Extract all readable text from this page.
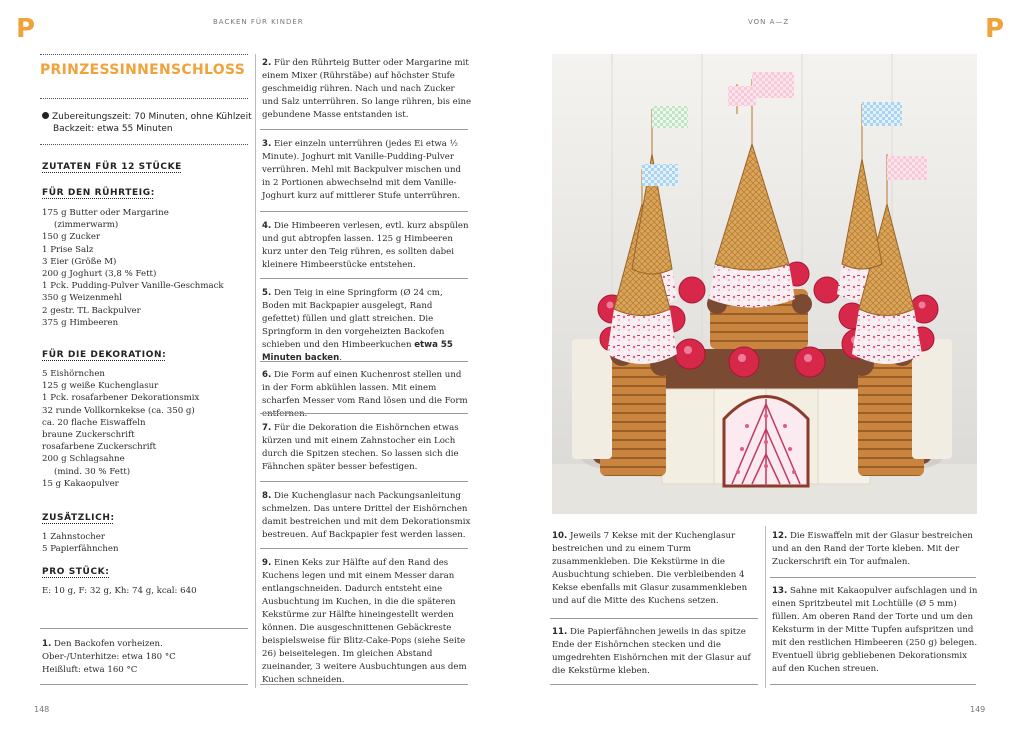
P	BACKEN FÜR KINDER	VON A—Z	P
PRINZESSINNENSCHLOSS
Zubereitungszeit: 70 Minuten, ohne Kühlzeit
Backzeit: etwa 55 Minuten
ZUTATEN FÜR 12 STÜCKE
FÜR DEN RÜHRTEIG:
175 g Butter oder Margarine
(zimmerwarm)
150 g Zucker
1 Prise Salz
3 Eier (Größe M)
200 g Joghurt (3,8 % Fett)
1 Pck. Pudding-Pulver Vanille-Geschmack
350 g Weizenmehl
2 gestr. TL Backpulver
375 g Himbeeren
FÜR DIE DEKORATION:
5 Eishörnchen
125 g weiße Kuchenglasur
1 Pck. rosafarbener Dekorationsmix
32 runde Vollkornkekse (ca. 350 g)
ca. 20 flache Eiswaffeln
braune Zuckerschrift
rosafarbene Zuckerschrift
200 g Schlagsahne
(mind. 30 % Fett)
15 g Kakaopulver
ZUSÄTZLICH:
1 Zahnstocher
5 Papierfähnchen
PRO STÜCK:
E: 10 g, F: 32 g, Kh: 74 g, kcal: 640
1. Den Backofen vorheizen.
Ober-/Unterhitze: etwa 180 °C
Heißluft: etwa 160 °C
2. Für den Rührteig Butter oder Margarine mit einem Mixer (Rührstäbe) auf höchster Stufe geschmeidig rühren. Nach und nach Zucker und Salz unterrühren. So lange rühren, bis eine gebundene Masse entstanden ist.
3. Eier einzeln unterrühren (jedes Ei etwa ½ Minute). Joghurt mit Vanille-Pudding-Pulver verrühren. Mehl mit Backpulver mischen und in 2 Portionen abwechselnd mit dem Vanille-Joghurt kurz auf mittlerer Stufe unterrühren.
4. Die Himbeeren verlesen, evtl. kurz abspülen und gut abtropfen lassen. 125 g Himbeeren kurz unter den Teig rühren, es sollten dabei kleinere Himbeerstücke entstehen.
5. Den Teig in eine Springform (Ø 24 cm, Boden mit Backpapier ausgelegt, Rand gefettet) füllen und glatt streichen. Die Springform in den vorgeheizten Backofen schieben und den Himbeerkuchen etwa 55 Minuten backen.
6. Die Form auf einen Kuchenrost stellen und in der Form abkühlen lassen. Mit einem scharfen Messer vom Rand lösen und die Form entfernen.
7. Für die Dekoration die Eishörnchen etwas kürzen und mit einem Zahnstocher ein Loch durch die Spitzen stechen. So lassen sich die Fähnchen später besser befestigen.
8. Die Kuchenglasur nach Packungsanleitung schmelzen. Das untere Drittel der Eishörnchen damit bestreichen und mit dem Dekorationsmix bestreuen. Auf Backpapier fest werden lassen.
9. Einen Keks zur Hälfte auf den Rand des Kuchens legen und mit einem Messer daran entlangschneiden. Dadurch entsteht eine Ausbuchtung im Kuchen, in die die späteren Kekstürme zur Hälfte hineingestellt werden können. Die ausgeschnittenen Gebäckreste beispielsweise für Blitz-Cake-Pops (siehe Seite 26) beiseitelegen. Im gleichen Abstand zueinander, 3 weitere Ausbuchtungen aus dem Kuchen schneiden.
148
10. Jeweils 7 Kekse mit der Kuchenglasur bestreichen und zu einem Turm zusammenkleben. Die Kekstürme in die Ausbuchtung schieben. Die verbleibenden 4 Kekse ebenfalls mit Glasur zusammenkleben und auf die Mitte des Kuchens setzen.
11. Die Papierfähnchen jeweils in das spitze Ende der Eishörnchen stecken und die umgedrehten Eishörnchen mit der Glasur auf die Kekstürme kleben.
12. Die Eiswaffeln mit der Glasur bestreichen und an den Rand der Torte kleben. Mit der Zuckerschrift ein Tor aufmalen.
13. Sahne mit Kakaopulver aufschlagen und in einen Spritzbeutel mit Lochtülle (Ø 5 mm) füllen. Am oberen Rand der Torte und um den Keksturm in der Mitte Tupfen aufspritzen und mit den restlichen Himbeeren (250 g) belegen. Eventuell übrig gebliebenen Dekorationsmix auf den Kuchen streuen.
149
